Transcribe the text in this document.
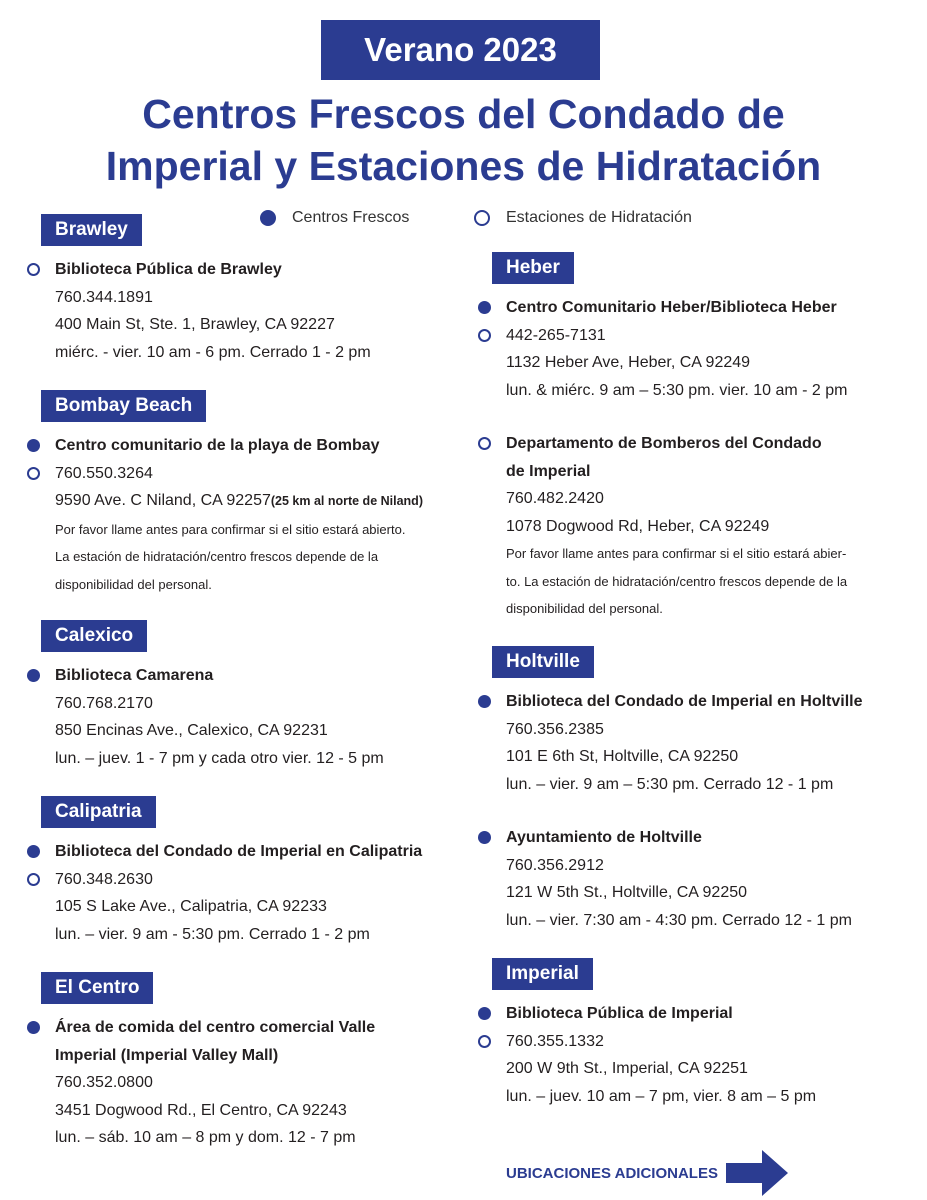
Verano 2023
Centros Frescos del Condado de
Imperial y Estaciones de Hidratación
Centros Frescos	Estaciones de Hidratación
Brawley
Biblioteca Pública de Brawley
760.344.1891
400 Main St, Ste. 1, Brawley, CA 92227
miérc. - vier. 10 am - 6 pm. Cerrado 1 - 2 pm
Bombay Beach
Centro comunitario de la playa de Bombay
760.550.3264
9590 Ave. C Niland, CA 92257(25 km al norte de Niland)
Por favor llame antes para confirmar si el sitio estará abierto.
La estación de hidratación/centro frescos depende de la
disponibilidad del personal.
Calexico
Biblioteca Camarena
760.768.2170
850 Encinas Ave., Calexico, CA 92231
lun. – juev. 1 - 7 pm y cada otro vier. 12 - 5 pm
Calipatria
Biblioteca del Condado de Imperial en Calipatria
760.348.2630
105 S Lake Ave., Calipatria, CA 92233
lun. – vier. 9 am - 5:30 pm. Cerrado 1 - 2 pm
El Centro
Área de comida del centro comercial Valle
Imperial (Imperial Valley Mall)
760.352.0800
3451 Dogwood Rd., El Centro, CA 92243
lun. – sáb. 10 am – 8 pm y dom. 12 - 7 pm
Heber
Centro Comunitario Heber/Biblioteca Heber
442-265-7131
1132 Heber Ave, Heber, CA 92249
lun. & miérc. 9 am – 5:30 pm. vier. 10 am - 2 pm
Departamento de Bomberos del Condado
de Imperial
760.482.2420
1078 Dogwood Rd, Heber, CA 92249
Por favor llame antes para confirmar si el sitio estará abier-
to. La estación de hidratación/centro frescos depende de la
disponibilidad del personal.
Holtville
Biblioteca del Condado de Imperial en Holtville
760.356.2385
101 E 6th St, Holtville, CA 92250
lun. – vier. 9 am – 5:30 pm. Cerrado 12 - 1 pm
Ayuntamiento de Holtville
760.356.2912
121 W 5th St., Holtville, CA 92250
lun. – vier. 7:30 am - 4:30 pm. Cerrado 12 - 1 pm
Imperial
Biblioteca Pública de Imperial
760.355.1332
200 W 9th St., Imperial, CA 92251
lun. – juev. 10 am – 7 pm, vier. 8 am – 5 pm
UBICACIONES ADICIONALES
